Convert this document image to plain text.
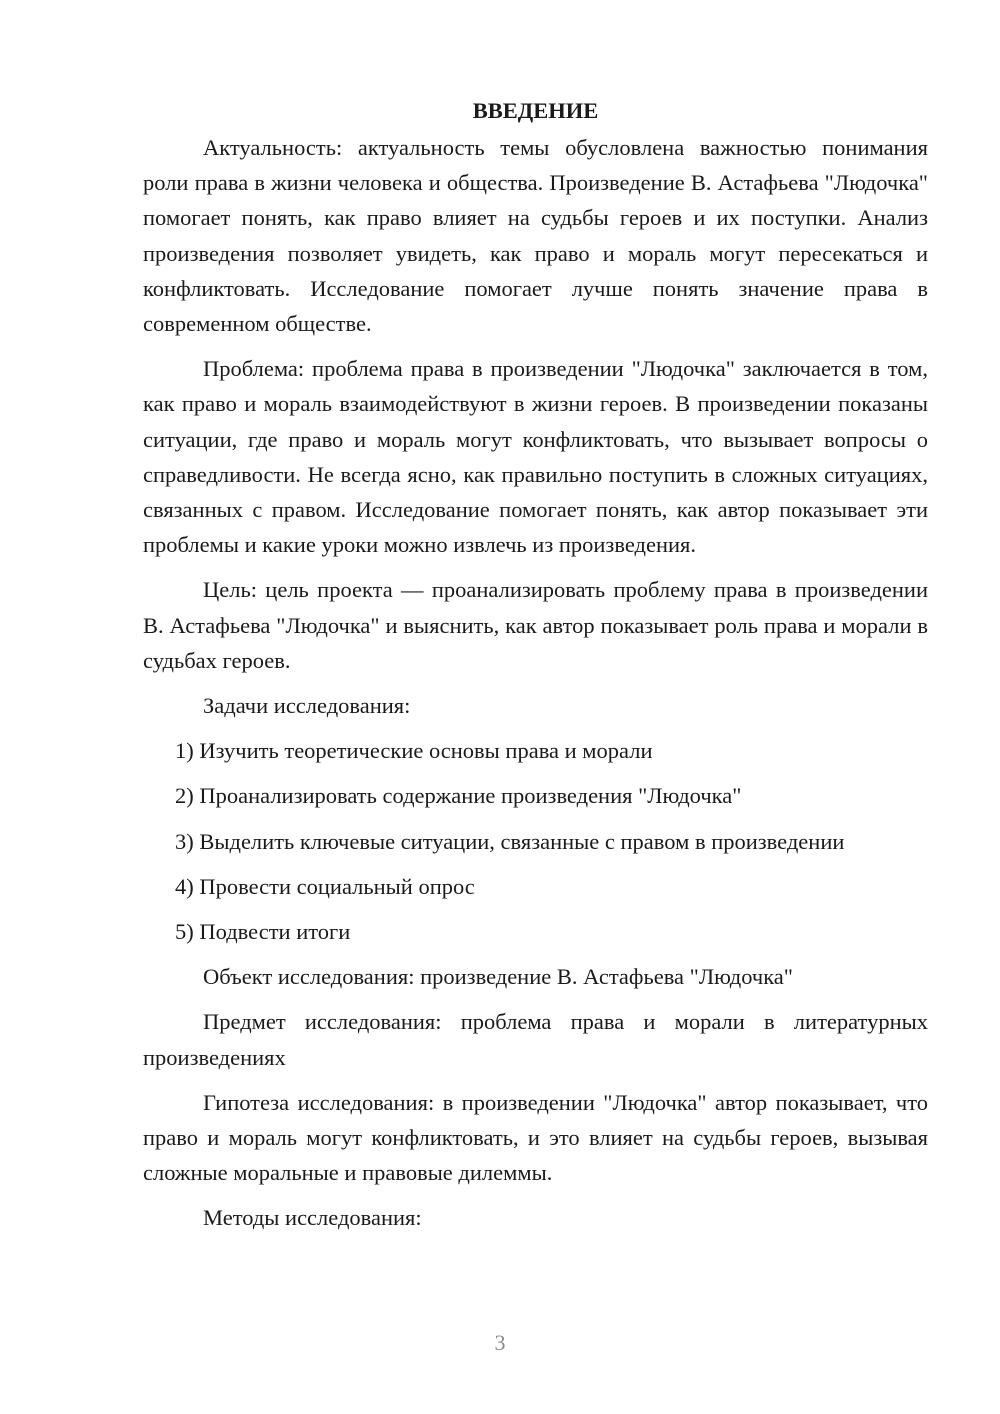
ВВЕДЕНИЕ

Актуальность: актуальность темы обусловлена важностью понимания роли права в жизни человека и общества. Произведение В. Астафьева "Людочка" помогает понять, как право влияет на судьбы героев и их поступки. Анализ произведения позволяет увидеть, как право и мораль могут пересекаться и конфликтовать. Исследование помогает лучше понять значение права в современном обществе.

Проблема: проблема права в произведении "Людочка" заключается в том, как право и мораль взаимодействуют в жизни героев. В произведении показаны ситуации, где право и мораль могут конфликтовать, что вызывает вопросы о справедливости. Не всегда ясно, как правильно поступить в сложных ситуациях, связанных с правом. Исследование помогает понять, как автор показывает эти проблемы и какие уроки можно извлечь из произведения.

Цель: цель проекта — проанализировать проблему права в произведении В. Астафьева "Людочка" и выяснить, как автор показывает роль права и морали в судьбах героев.

Задачи исследования:

1) Изучить теоретические основы права и морали

2) Проанализировать содержание произведения "Людочка"

3) Выделить ключевые ситуации, связанные с правом в произведении

4) Провести социальный опрос

5) Подвести итоги

Объект исследования: произведение В. Астафьева "Людочка"

Предмет исследования: проблема права и морали в литературных произведениях

Гипотеза исследования: в произведении "Людочка" автор показывает, что право и мораль могут конфликтовать, и это влияет на судьбы героев, вызывая сложные моральные и правовые дилеммы.

Методы исследования:

3
